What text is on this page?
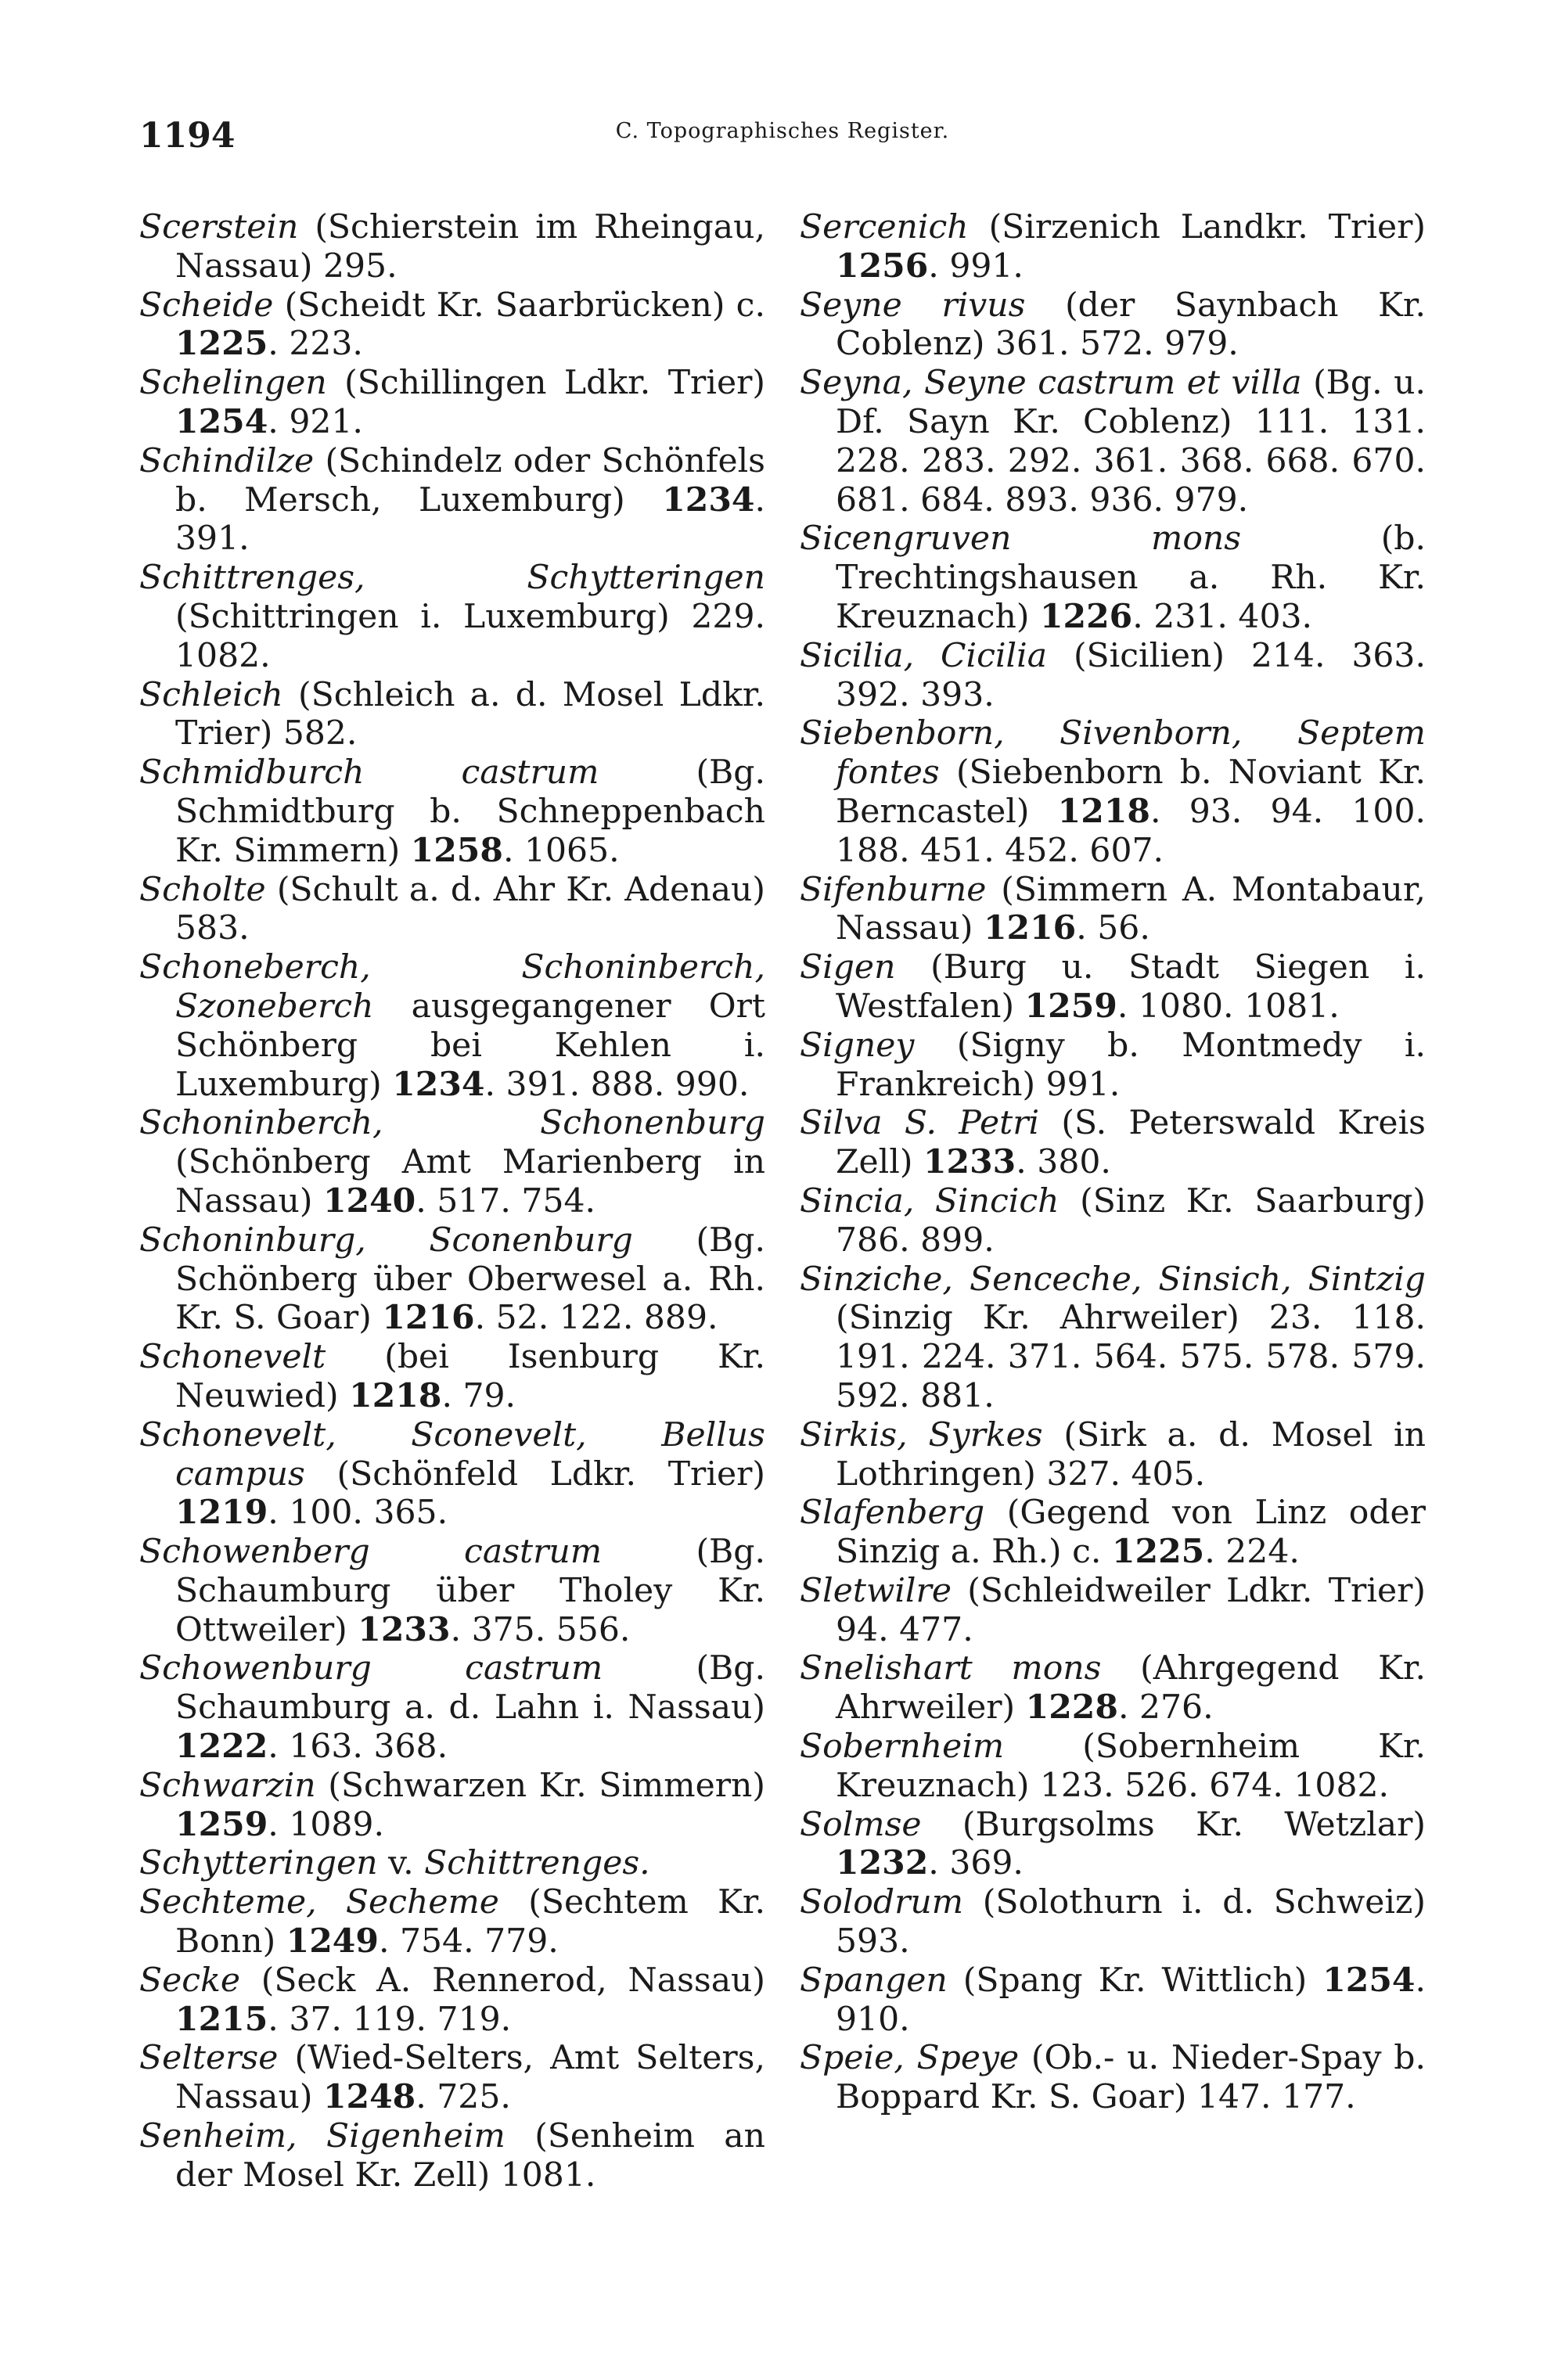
1194	C. Topographisches Register.
Scerstein (Schierstein im Rheingau, Nassau) 295.
Scheide (Scheidt Kr. Saarbrücken) c. 1225. 223.
Schelingen (Schillingen Ldkr. Trier) 1254. 921.
Schindilze (Schindelz oder Schönfels b. Mersch, Luxemburg) 1234. 391.
Schittrenges, Schytteringen (Schittringen i. Luxemburg) 229. 1082.
Schleich (Schleich a. d. Mosel Ldkr. Trier) 582.
Schmidburch castrum (Bg. Schmidtburg b. Schneppenbach Kr. Simmern) 1258. 1065.
Scholte (Schult a. d. Ahr Kr. Adenau) 583.
Schoneberch, Schoninberch, Szoneberch ausgegangener Ort Schönberg bei Kehlen i. Luxemburg) 1234. 391. 888. 990.
Schoninberch, Schonenburg (Schönberg Amt Marienberg in Nassau) 1240. 517. 754.
Schoninburg, Sconenburg (Bg. Schönberg über Oberwesel a. Rh. Kr. S. Goar) 1216. 52. 122. 889.
Schonevelt (bei Isenburg Kr. Neuwied) 1218. 79.
Schonevelt, Sconevelt, Bellus campus (Schönfeld Ldkr. Trier) 1219. 100. 365.
Schowenberg castrum (Bg. Schaumburg über Tholey Kr. Ottweiler) 1233. 375. 556.
Schowenburg castrum (Bg. Schaumburg a. d. Lahn i. Nassau) 1222. 163. 368.
Schwarzin (Schwarzen Kr. Simmern) 1259. 1089.
Schytteringen v. Schittrenges.
Sechteme, Secheme (Sechtem Kr. Bonn) 1249. 754. 779.
Secke (Seck A. Rennerod, Nassau) 1215. 37. 119. 719.
Selterse (Wied-Selters, Amt Selters, Nassau) 1248. 725.
Senheim, Sigenheim (Senheim an der Mosel Kr. Zell) 1081.
Sercenich (Sirzenich Landkr. Trier) 1256. 991.
Seyne rivus (der Saynbach Kr. Coblenz) 361. 572. 979.
Seyna, Seyne castrum et villa (Bg. u. Df. Sayn Kr. Coblenz) 111. 131. 228. 283. 292. 361. 368. 668. 670. 681. 684. 893. 936. 979.
Sicengruven mons (b. Trechtingshausen a. Rh. Kr. Kreuznach) 1226. 231. 403.
Sicilia, Cicilia (Sicilien) 214. 363. 392. 393.
Siebenborn, Sivenborn, Septem fontes (Siebenborn b. Noviant Kr. Berncastel) 1218. 93. 94. 100. 188. 451. 452. 607.
Sifenburne (Simmern A. Montabaur, Nassau) 1216. 56.
Sigen (Burg u. Stadt Siegen i. Westfalen) 1259. 1080. 1081.
Signey (Signy b. Montmedy i. Frankreich) 991.
Silva S. Petri (S. Peterswald Kreis Zell) 1233. 380.
Sincia, Sincich (Sinz Kr. Saarburg) 786. 899.
Sinziche, Senceche, Sinsich, Sintzig (Sinzig Kr. Ahrweiler) 23. 118. 191. 224. 371. 564. 575. 578. 579. 592. 881.
Sirkis, Syrkes (Sirk a. d. Mosel in Lothringen) 327. 405.
Slafenberg (Gegend von Linz oder Sinzig a. Rh.) c. 1225. 224.
Sletwilre (Schleidweiler Ldkr. Trier) 94. 477.
Snelishart mons (Ahrgegend Kr. Ahrweiler) 1228. 276.
Sobernheim (Sobernheim Kr. Kreuznach) 123. 526. 674. 1082.
Solmse (Burgsolms Kr. Wetzlar) 1232. 369.
Solodrum (Solothurn i. d. Schweiz) 593.
Spangen (Spang Kr. Wittlich) 1254. 910.
Speie, Speye (Ob.- u. Nieder-Spay b. Boppard Kr. S. Goar) 147. 177.
